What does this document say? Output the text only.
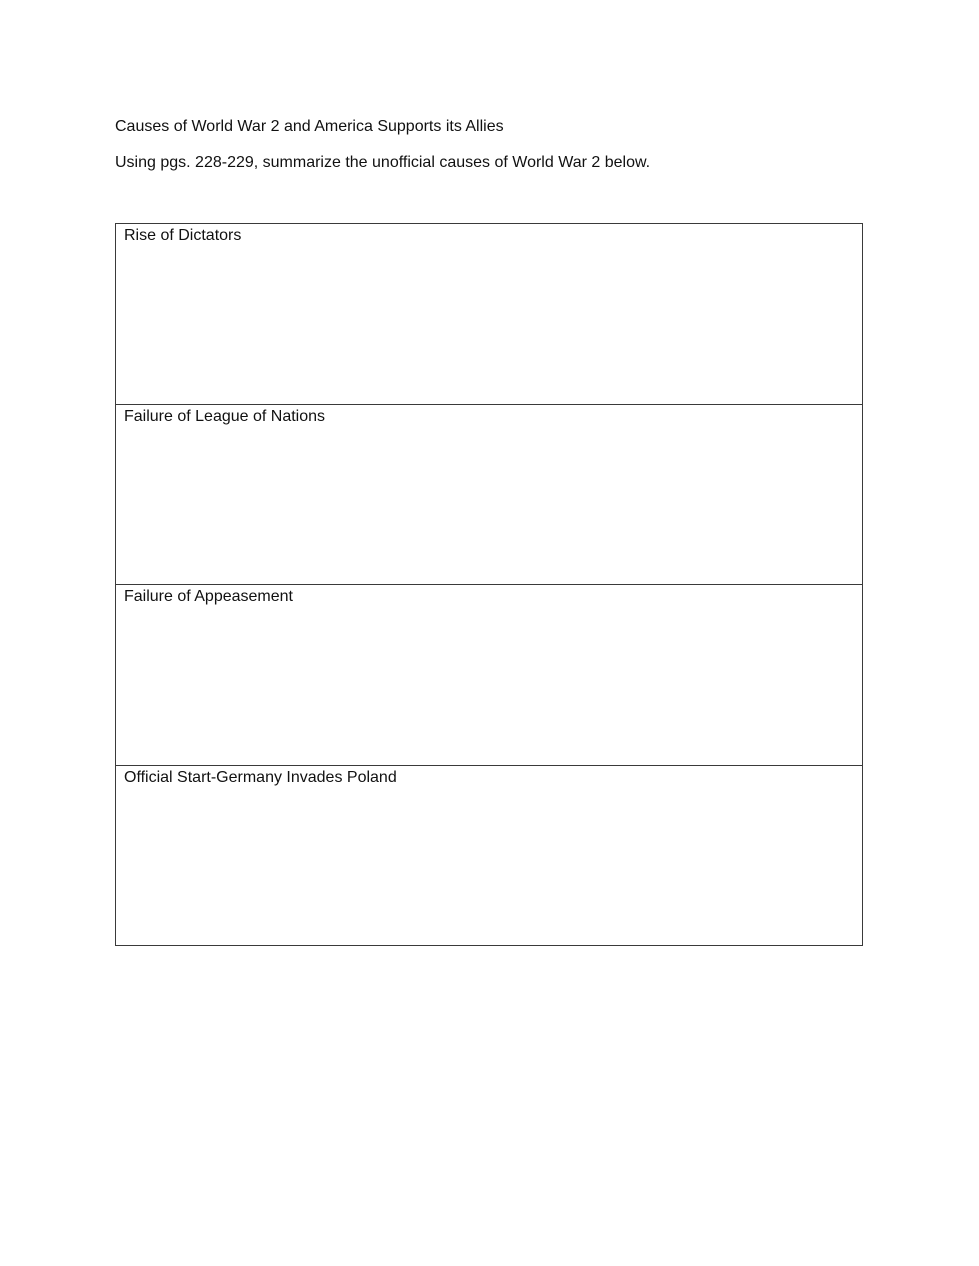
Causes of World War 2 and America Supports its Allies
Using pgs. 228-229, summarize the unofficial causes of World War 2 below.
Rise of Dictators
Failure of League of Nations
Failure of Appeasement
Official Start-Germany Invades Poland
